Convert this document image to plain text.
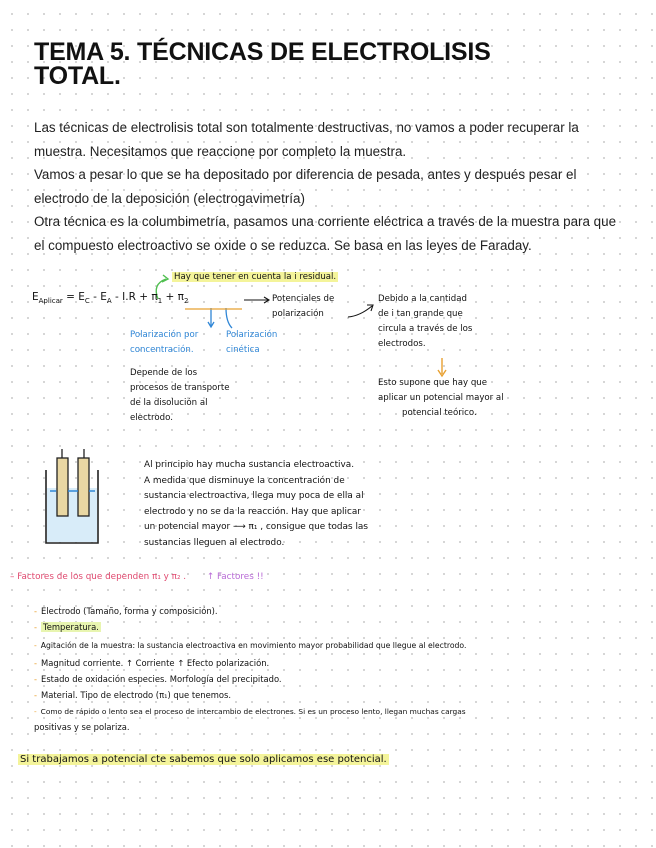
TEMA 5. TÉCNICAS DE ELECTROLISIS
TOTAL.
Las técnicas de electrolisis total son totalmente destructivas, no vamos a poder recuperar la muestra. Necesitamos que reaccione por completo la muestra.
Vamos a pesar lo que se ha depositado por diferencia de pesada, antes y después pesar el electrodo de la deposición (electrogavimetría)
Otra técnica es la columbimetría, pasamos una corriente eléctrica a través de la muestra para que el compuesto electroactivo se oxide o se reduzca. Se basa en las leyes de Faraday.
$E_{Aplicar} = E_C - E_A - I.R + \pi_1 + \pi_2$
Hay que tener en cuenta la i residual.
Potenciales de
polarización
Debido a la cantidad
de i tan grande que
circula a través de los
electrodos.
Polarización por
concentración.
Polarización
cinética
Depende de los
procesos de transporte
de la disolución al
electrodo.
Esto supone que hay que
aplicar un potencial mayor al
potencial teórico.
Al principio hay mucha sustancia electroactiva.
A medida que disminuye la concentración de
sustancia electroactiva, llega muy poca de ella al
electrodo y no se da la reacción. Hay que aplicar
un potencial mayor ⟶ π₁ , consigue que todas las
sustancias lleguen al electrodo.
– Factores de los que dependen π₁ y π₂ . ↑ Factores !!
- Electrodo (Tamaño, forma y composición).
- Temperatura.
- Agitación de la muestra: la sustancia electroactiva en movimiento mayor probabilidad que llegue al electrodo.
- Magnitud corriente. ↑ Corriente ↑ Efecto polarización.
- Estado de oxidación especies. Morfología del precipitado.
- Material. Tipo de electrodo (π₁) que tenemos.
- Como de rápido o lento sea el proceso de intercambio de electrones. Si es un proceso lento, llegan muchas cargas
positivas y se polariza.
Si trabajamos a potencial cte sabemos que solo aplicamos ese potencial.
